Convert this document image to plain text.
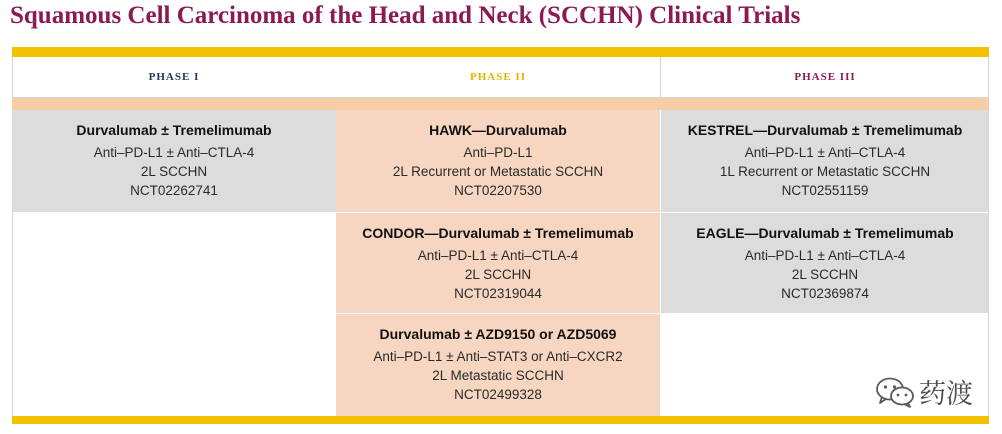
Squamous Cell Carcinoma of the Head and Neck (SCCHN) Clinical Trials
PHASE I	PHASE II	PHASE III
Durvalumab ± Tremelimumab
Anti–PD-L1 ± Anti–CTLA-4
2L SCCHN
NCT02262741
HAWK—Durvalumab
Anti–PD-L1
2L Recurrent or Metastatic SCCHN
NCT02207530
CONDOR—Durvalumab ± Tremelimumab
Anti–PD-L1 ± Anti–CTLA-4
2L SCCHN
NCT02319044
Durvalumab ± AZD9150 or AZD5069
Anti–PD-L1 ± Anti–STAT3 or Anti–CXCR2
2L Metastatic SCCHN
NCT02499328
KESTREL—Durvalumab ± Tremelimumab
Anti–PD-L1 ± Anti–CTLA-4
1L Recurrent or Metastatic SCCHN
NCT02551159
EAGLE—Durvalumab ± Tremelimumab
Anti–PD-L1 ± Anti–CTLA-4
2L SCCHN
NCT02369874
药渡
